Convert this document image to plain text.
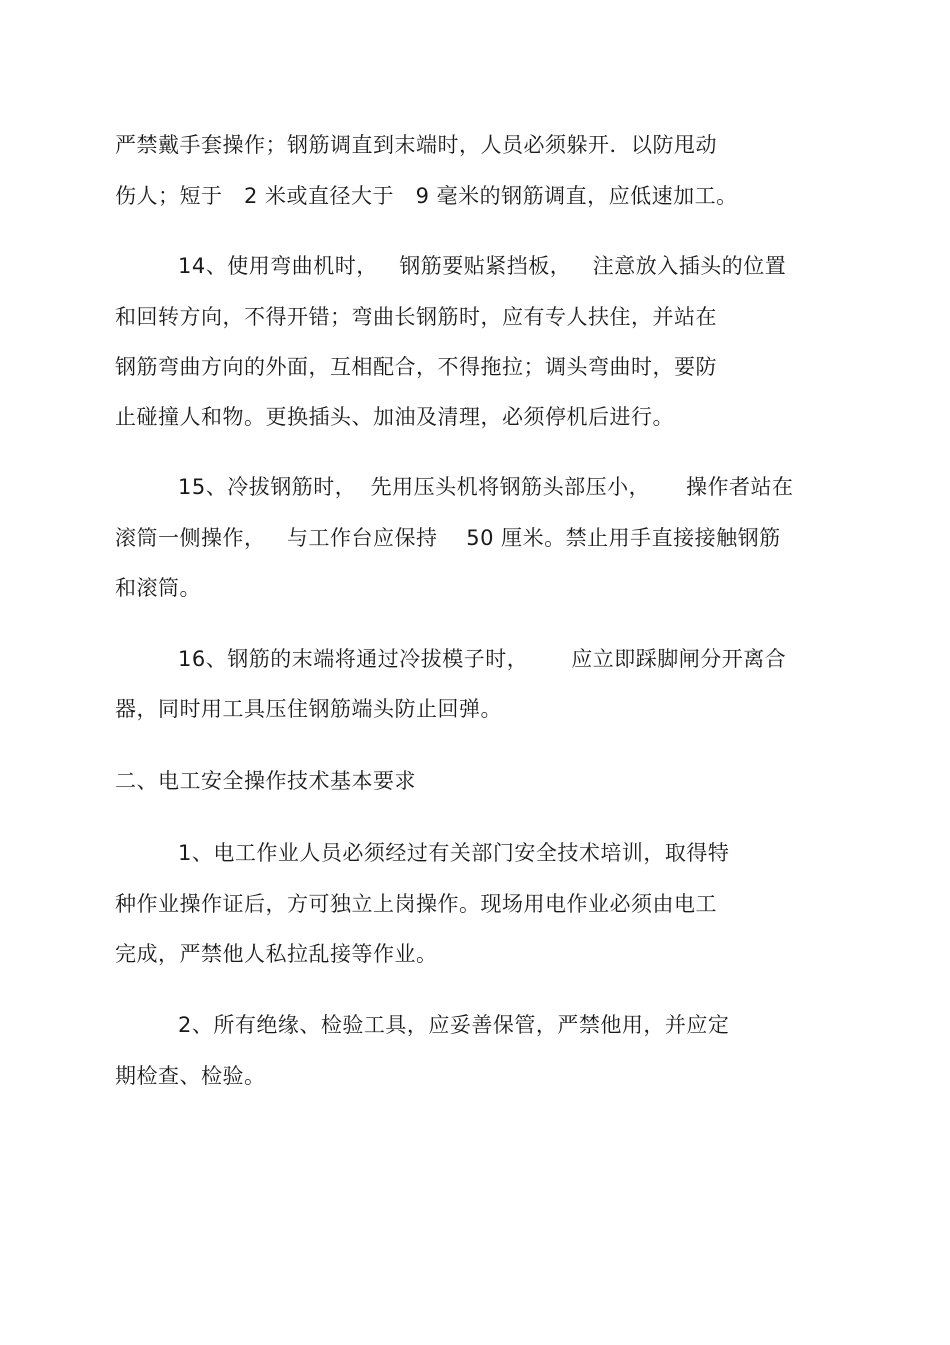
严禁戴手套操作；钢筋调直到末端时，人员必须躲开．以防甩动
伤人；短于   2 米或直径大于   9 毫米的钢筋调直，应低速加工。
14、使用弯曲机时，   钢筋要贴紧挡板，   注意放入插头的位置
和回转方向，不得开错；弯曲长钢筋时，应有专人扶住，并站在
钢筋弯曲方向的外面，互相配合，不得拖拉；调头弯曲时，要防
止碰撞人和物。更换插头、加油及清理，必须停机后进行。
15、冷拔钢筋时，  先用压头机将钢筋头部压小，     操作者站在
滚筒一侧操作，   与工作台应保持    50 厘米。禁止用手直接接触钢筋
和滚筒。
16、钢筋的末端将通过冷拔模子时，      应立即踩脚闸分开离合
器，同时用工具压住钢筋端头防止回弹。
二、电工安全操作技术基本要求
1、电工作业人员必须经过有关部门安全技术培训，取得特
种作业操作证后，方可独立上岗操作。现场用电作业必须由电工
完成，严禁他人私拉乱接等作业。
2、所有绝缘、检验工具，应妥善保管，严禁他用，并应定
期检查、检验。
